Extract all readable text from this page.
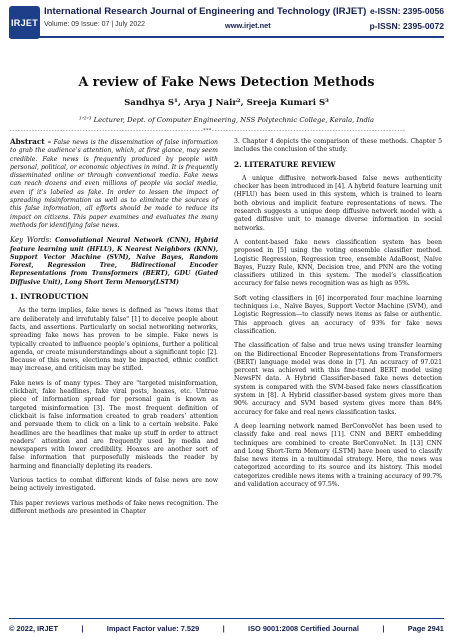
IRJET
International Research Journal of Engineering and Technology (IRJET) e-ISSN: 2395-0056
Volume: 09 Issue: 07 | July 2022	www.irjet.net	p-ISSN: 2395-0072
A review of Fake News Detection Methods
Sandhya S¹, Arya J Nair², Sreeja Kumari S³
¹ʼ²ʼ³ Lecturer, Dept. of Computer Engineering, NSS Polytechnic College, Kerala, India
---------------------------------------------------------------------***---------------------------------------------------------------------

Abstract – False news is the dissemination of false information to grab the audience’s attention, which, at first glance, may seem credible. Fake news is frequently produced by people with personal, political, or economic objectives in mind. It is frequently disseminated online or through conventional media. Fake news can reach dozens and even millions of people via social media, even if it’s labeled as fake. In order to lessen the impact of spreading misinformation as well as to eliminate the sources of this false information, all efforts should be made to reduce its impact on citizens. This paper examines and evaluates the many methods for identifying false news.

Key Words: Convolutional Neural Network (CNN), Hybrid feature learning unit (HFLU), K Nearest Neighbors (KNN), Support Vector Machine (SVM), Naive Bayes, Random Forest, Regression Tree, Bidirectional Encoder Representations from Transformers (BERT), GDU (Gated Diffusive Unit), Long Short Term Memory(LSTM)

1. INTRODUCTION

As the term implies, fake news is defined as "news items that are deliberately and irrefutably false" [1] to deceive people about facts, and assertions. Particularly on social networking networks, spreading fake news has proven to be simple. Fake news is typically created to influence people’s opinions, further a political agenda, or create misunderstandings about a significant topic [2]. Because of this news, elections may be impacted, ethnic conflict may increase, and criticism may be stifled.

Fake news is of many types. They are "targeted misinformation, clickbait, fake headlines, fake viral posts, hoaxes, etc. Untrue piece of information spread for personal gain is known as targeted misinformation [3]. The most frequent definition of clickbait is false information created to grab readers’ attention and persuade them to click on a link to a certain website. Fake headlines are the headlines that make up stuff in order to attract readers’ attention and are frequently used by media and newspapers with lower credibility. Hoaxes are another sort of false information that purposefully misleads the reader by harming and financially depleting its readers.

Various tactics to combat different kinds of false news are now being actively investigated.

This paper reviews various methods of fake news recognition. The different methods are presented in Chapter

3. Chapter 4 depicts the comparison of these methods. Chapter 5 includes the conclusion of the study.

2. LITERATURE REVIEW

A unique diffusive network-based false news authenticity checker has been introduced in [4]. A hybrid feature learning unit (HFLU) has been used in this system, which is trained to learn both obvious and implicit feature representations of news. The research suggests a unique deep diffusive network model with a gated diffusive unit to manage diverse information in social networks.

A content-based fake news classification system has been proposed in [5] using the voting ensemble classifier method. Logistic Regression, Regression tree, ensemble AdaBoost, Naïve Bayes, Fuzzy Rule, KNN, Decision tree, and PNN are the voting classifiers utilized in this system. The model’s classification accuracy for false news recognition was as high as 95%.

Soft voting classifiers in [6] incorporated four machine learning techniques i.e., Naïve Bayes, Support Vector Machine (SVM), and Logistic Regression—to classify news items as false or authentic. This approach gives an accuracy of 93% for fake news classification.

The classification of false and true news using transfer learning on the Bidirectional Encoder Representations from Transformers (BERT) language model was done in [7]. An accuracy of 97.021 percent was achieved with this fine-tuned BERT model using NewsFN data. A Hybrid Classifier-based fake news detection system is compared with the SVM-based fake news classification system in [8]. A Hybrid classifier-based system gives more than 90% accuracy and SVM based system gives more than 84% accuracy for fake and real news classification tasks.

A deep learning network named BerConvoNet has been used to classify fake and real news [11]. CNN and BERT embedding techniques are combined to create BerConvoNet. In [13] CNN and Long Short-Term Memory (LSTM) have been used to classify false news items in a multimodal strategy. Here, the news was categorized according to its source and its history. This model categorizes credible news items with a training accuracy of 99.7% and validation accuracy of 97.5%.

© 2022, IRJET	|	Impact Factor value: 7.529	|	ISO 9001:2008 Certified Journal	|	Page 2941
